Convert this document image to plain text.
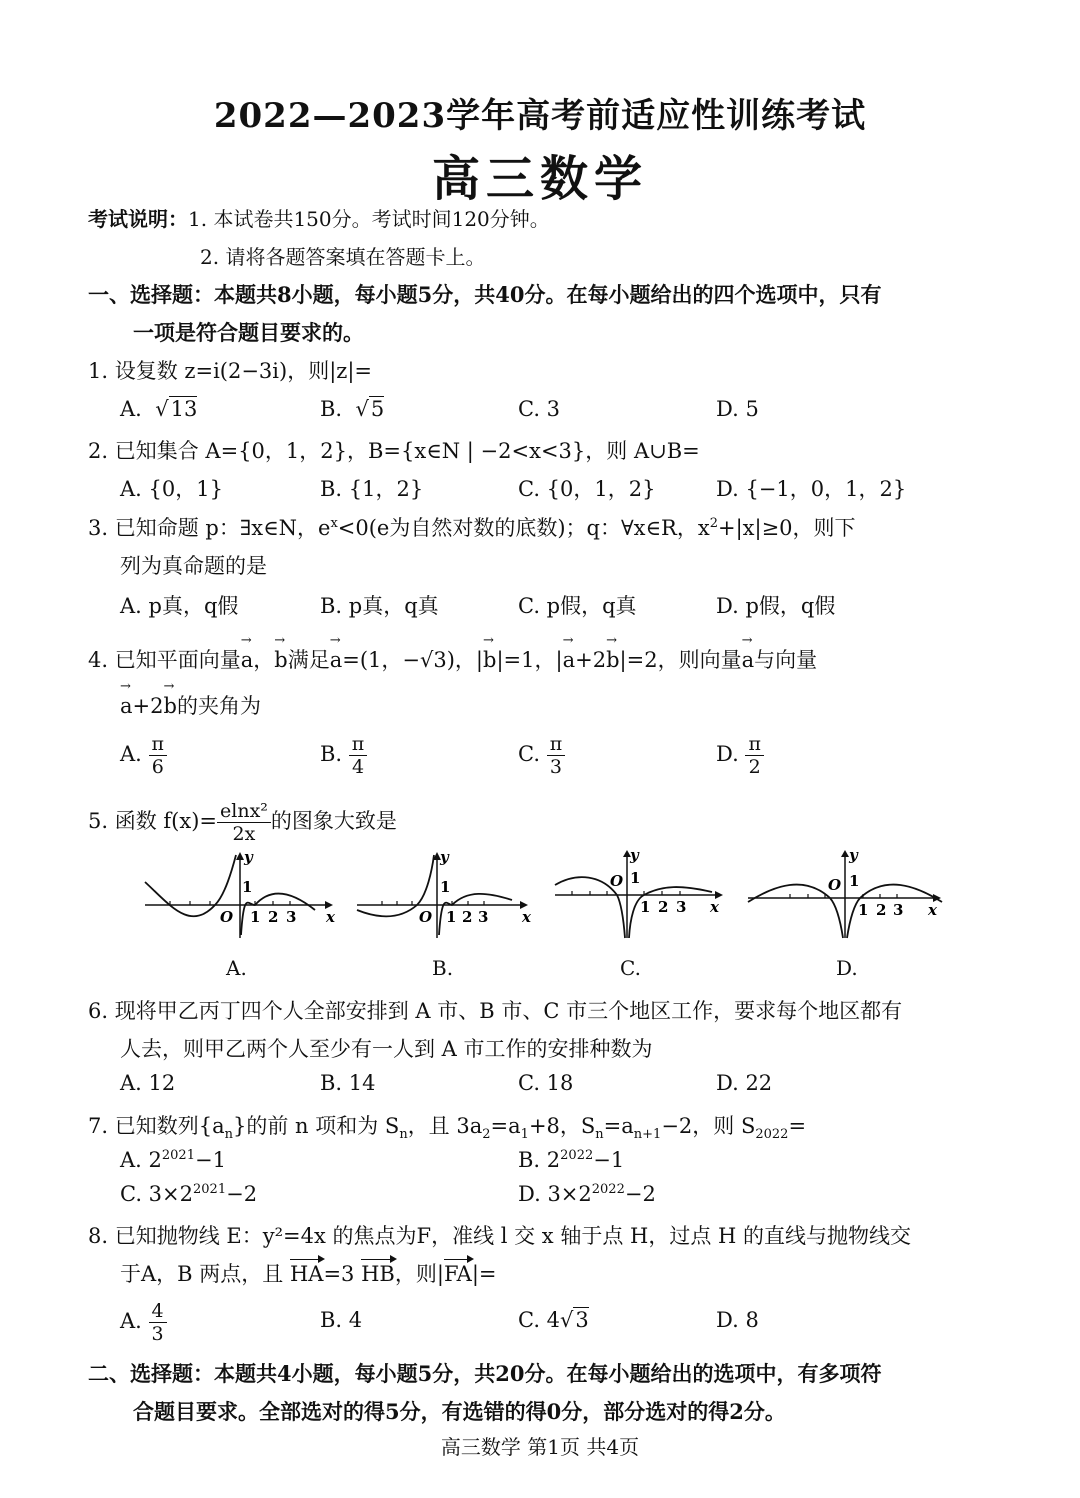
2022—2023学年高考前适应性训练考试
高三数学
考试说明：1. 本试卷共150分。考试时间120分钟。
2. 请将各题答案填在答题卡上。
一、选择题：本题共8小题，每小题5分，共40分。在每小题给出的四个选项中，只有
一项是符合题目要求的。
1. 设复数 z=i(2−3i)，则|z|=
A.  √13	B.  √5	C. 3	D. 5
2. 已知集合 A={0，1，2}，B={x∈N | −2<x<3}，则 A∪B=
A. {0，1}	B. {1，2}	C. {0，1，2}	D. {−1，0，1，2}
3. 已知命题 p：∃x∈N，$e^x<0(e$为自然对数的底数)；q：∀x∈R，$x^2+|x|\ge 0$，则下
列为真命题的是
A. p真，q假	B. p真，q真	C. p假，q真	D. p假，q假
4. 已知平面向量→ a，→ b满足→ a=(1，−√3)，|→ b|=1，|→ a+2→ b|=2，则向量→ a与向量
→ a+2→ b的夹角为
A. $\frac{\pi}{6}$	B. $\frac{\pi}{4}$	C. $\frac{\pi}{3}$	D. $\frac{\pi}{2}$
5. 函数 $f(x)= \frac{\text{elnx²}}{2x}$ 的图象大致是
y
1
x
O 1 2 3
y
1
x
O 1 2 3
y
1
x
O
1 2 3
y
1
x
O
1 2 3
A.	B.	C.	D.
6. 现将甲乙丙丁四个人全部安排到 A 市、B 市、C 市三个地区工作，要求每个地区都有
人去，则甲乙两个人至少有一人到 A 市工作的安排种数为
A. 12	B. 14	C. 18	D. 22
7. 已知数列$\{a_n\}$的前 n 项和为 $S_n$，且 $3a_2=a_1+8$，$S_n=a_{n+1}-2$，则 $S_{2022}=$
A. $2^{2021}-1$	B. $2^{2022}-1$
C. $3\times 2^{2021}-2$	D. $3\times 2^{2022}-2$
8. 已知抛物线 E：y²=4x 的焦点为F，准线 l 交 x 轴于点 H，过点 H 的直线与抛物线交
于A，B 两点，且 HA=3 HB，则|FA|=
A. $\frac{4}{3}$	B. 4	C. 4√3	D. 8
二、选择题：本题共4小题，每小题5分，共20分。在每小题给出的选项中，有多项符
合题目要求。全部选对的得5分，有选错的得0分，部分选对的得2分。
高三数学 第1页 共4页
